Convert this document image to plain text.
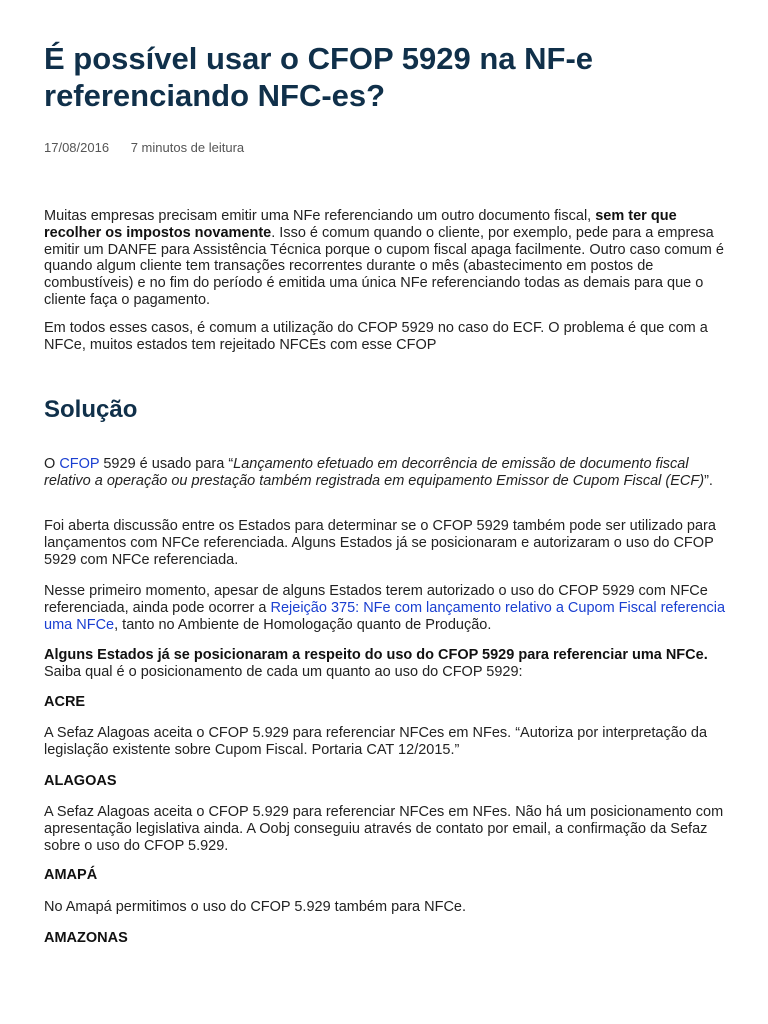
É possível usar o CFOP 5929 na NF-e referenciando NFC-es?
17/08/2016 7 minutos de leitura

Muitas empresas precisam emitir uma NFe referenciando um outro documento fiscal, sem ter que recolher os impostos novamente. Isso é comum quando o cliente, por exemplo, pede para a empresa emitir um DANFE para Assistência Técnica porque o cupom fiscal apaga facilmente. Outro caso comum é quando algum cliente tem transações recorrentes durante o mês (abastecimento em postos de combustíveis) e no fim do período é emitida uma única NFe referenciando todas as demais para que o cliente faça o pagamento.

Em todos esses casos, é comum a utilização do CFOP 5929 no caso do ECF. O problema é que com a NFCe, muitos estados tem rejeitado NFCEs com esse CFOP

Solução

O CFOP 5929 é usado para “Lançamento efetuado em decorrência de emissão de documento fiscal relativo a operação ou prestação também registrada em equipamento Emissor de Cupom Fiscal (ECF)”.

Foi aberta discussão entre os Estados para determinar se o CFOP 5929 também pode ser utilizado para lançamentos com NFCe referenciada. Alguns Estados já se posicionaram e autorizaram o uso do CFOP 5929 com NFCe referenciada.

Nesse primeiro momento, apesar de alguns Estados terem autorizado o uso do CFOP 5929 com NFCe referenciada, ainda pode ocorrer a Rejeição 375: NFe com lançamento relativo a Cupom Fiscal referencia uma NFCe, tanto no Ambiente de Homologação quanto de Produção.

Alguns Estados já se posicionaram a respeito do uso do CFOP 5929 para referenciar uma NFCe. Saiba qual é o posicionamento de cada um quanto ao uso do CFOP 5929:

ACRE

A Sefaz Alagoas aceita o CFOP 5.929 para referenciar NFCes em NFes. “Autoriza por interpretação da legislação existente sobre Cupom Fiscal. Portaria CAT 12/2015.”

ALAGOAS

A Sefaz Alagoas aceita o CFOP 5.929 para referenciar NFCes em NFes. Não há um posicionamento com apresentação legislativa ainda. A Oobj conseguiu através de contato por email, a confirmação da Sefaz sobre o uso do CFOP 5.929.

AMAPÁ

No Amapá permitimos o uso do CFOP 5.929 também para NFCe.

AMAZONAS
